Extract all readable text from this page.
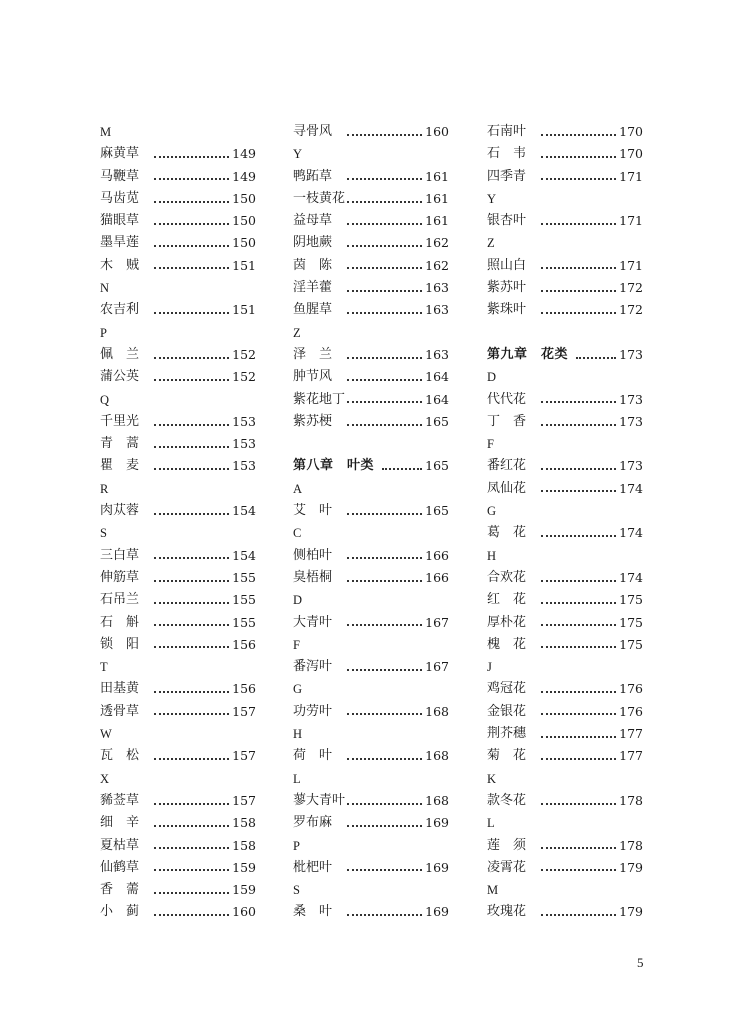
M
麻黄草	149
马鞭草	149
马齿苋	150
猫眼草	150
墨旱莲	150
木　贼	151
N
农吉利	151
P
佩　兰	152
蒲公英	152
Q
千里光	153
青　蒿	153
瞿　麦	153
R
肉苁蓉	154
S
三白草	154
伸筋草	155
石吊兰	155
石　斛	155
锁　阳	156
T
田基黄	156
透骨草	157
W
瓦　松	157
X
豨莶草	157
细　辛	158
夏枯草	158
仙鹤草	159
香　薷	159
小　蓟	160
寻骨风	160
Y
鸭跖草	161
一枝黄花	161
益母草	161
阴地蕨	162
茵　陈	162
淫羊藿	163
鱼腥草	163
Z
泽　兰	163
肿节风	164
紫花地丁	164
紫苏梗	165
第八章　叶类	165
A
艾　叶	165
C
侧柏叶	166
臭梧桐	166
D
大青叶	167
F
番泻叶	167
G
功劳叶	168
H
荷　叶	168
L
蓼大青叶	168
罗布麻	169
P
枇杷叶	169
S
桑　叶	169
石南叶	170
石　韦	170
四季青	171
Y
银杏叶	171
Z
照山白	171
紫苏叶	172
紫珠叶	172
第九章　花类	173
D
代代花	173
丁　香	173
F
番红花	173
凤仙花	174
G
葛　花	174
H
合欢花	174
红　花	175
厚朴花	175
槐　花	175
J
鸡冠花	176
金银花	176
荆芥穗	177
菊　花	177
K
款冬花	178
L
莲　须	178
凌霄花	179
M
玫瑰花	179
5
